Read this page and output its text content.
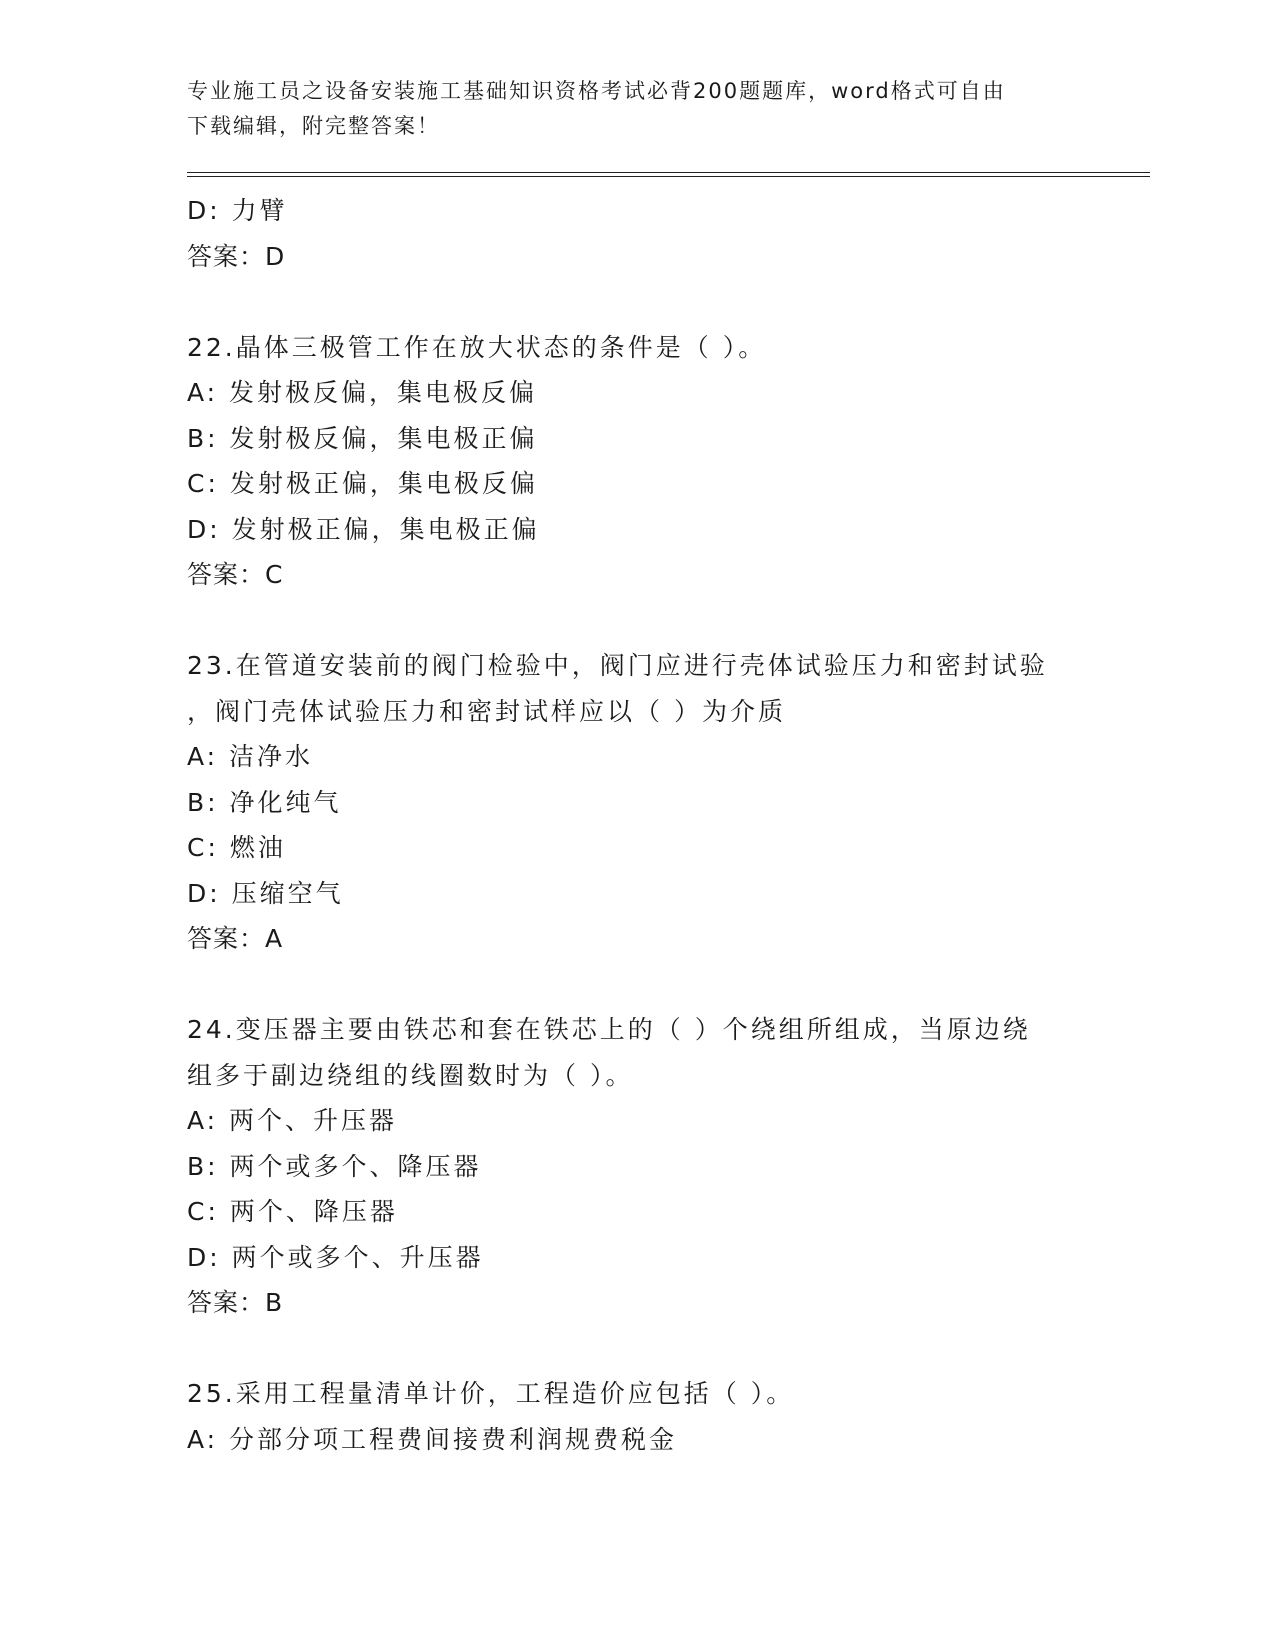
专业施工员之设备安装施工基础知识资格考试必背200题题库，word格式可自由
下载编辑，附完整答案！
D: 力臂
答案：D
22.晶体三极管工作在放大状态的条件是（ ）。
A: 发射极反偏，集电极反偏
B: 发射极反偏，集电极正偏
C: 发射极正偏，集电极反偏
D: 发射极正偏，集电极正偏
答案：C
23.在管道安装前的阀门检验中，阀门应进行壳体试验压力和密封试验
，阀门壳体试验压力和密封试样应以（ ）为介质
A: 洁净水
B: 净化纯气
C: 燃油
D: 压缩空气
答案：A
24.变压器主要由铁芯和套在铁芯上的（ ）个绕组所组成，当原边绕
组多于副边绕组的线圈数时为（ ）。
A: 两个、升压器
B: 两个或多个、降压器
C: 两个、降压器
D: 两个或多个、升压器
答案：B
25.采用工程量清单计价，工程造价应包括（ ）。
A: 分部分项工程费间接费利润规费税金
